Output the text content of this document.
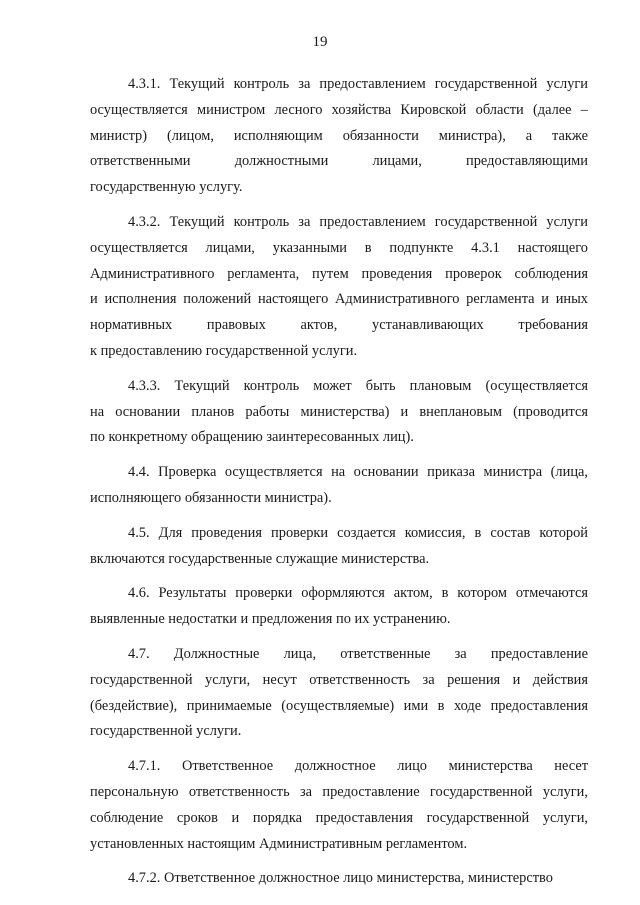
19
4.3.1. Текущий контроль за предоставлением государственной услуги
осуществляется министром лесного хозяйства Кировской области (далее –
министр) (лицом, исполняющим обязанности министра), а также
ответственными должностными лицами, предоставляющими
государственную услугу.
4.3.2. Текущий контроль за предоставлением государственной услуги
осуществляется лицами, указанными в подпункте 4.3.1 настоящего
Административного регламента, путем проведения проверок соблюдения
и исполнения положений настоящего Административного регламента и иных
нормативных правовых актов, устанавливающих требования
к предоставлению государственной услуги.
4.3.3. Текущий контроль может быть плановым (осуществляется
на основании планов работы министерства) и внеплановым (проводится
по конкретному обращению заинтересованных лиц).
4.4. Проверка осуществляется на основании приказа министра (лица,
исполняющего обязанности министра).
4.5. Для проведения проверки создается комиссия, в состав которой
включаются государственные служащие министерства.
4.6. Результаты проверки оформляются актом, в котором отмечаются
выявленные недостатки и предложения по их устранению.
4.7. Должностные лица, ответственные за предоставление
государственной услуги, несут ответственность за решения и действия
(бездействие), принимаемые (осуществляемые) ими в ходе предоставления
государственной услуги.
4.7.1. Ответственное должностное лицо министерства несет
персональную ответственность за предоставление государственной услуги,
соблюдение сроков и порядка предоставления государственной услуги,
установленных настоящим Административным регламентом.
4.7.2. Ответственное должностное лицо министерства, министерство
